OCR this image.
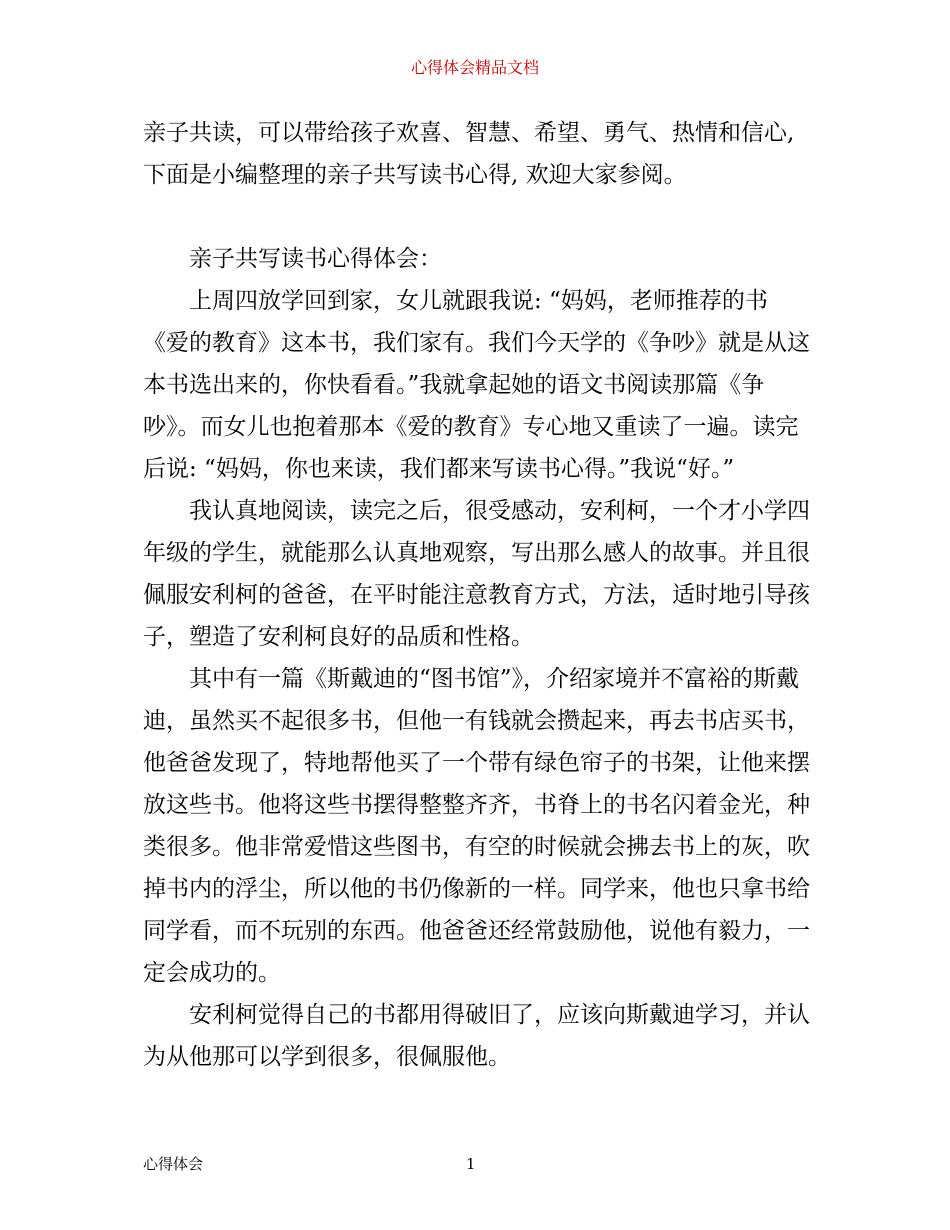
心得体会精品文档

亲子共读，可以带给孩子欢喜、智慧、希望、勇气、热情和信心, 下面是小编整理的亲子共写读书心得, 欢迎大家参阅。

亲子共写读书心得体会：

上周四放学回到家，女儿就跟我说: “妈妈，老师推荐的书《爱的教育》这本书，我们家有。我们今天学的《争吵》就是从这本书选出来的，你快看看。”我就拿起她的语文书阅读那篇《争吵》。而女儿也抱着那本《爱的教育》专心地又重读了一遍。读完后说: “妈妈，你也来读，我们都来写读书心得。”我说“好。”

我认真地阅读，读完之后，很受感动，安利柯，一个才小学四年级的学生，就能那么认真地观察，写出那么感人的故事。并且很佩服安利柯的爸爸，在平时能注意教育方式，方法，适时地引导孩子，塑造了安利柯良好的品质和性格。

其中有一篇《斯戴迪的“图书馆”》，介绍家境并不富裕的斯戴迪，虽然买不起很多书，但他一有钱就会攒起来，再去书店买书，他爸爸发现了，特地帮他买了一个带有绿色帘子的书架，让他来摆放这些书。他将这些书摆得整整齐齐，书脊上的书名闪着金光，种类很多。他非常爱惜这些图书，有空的时候就会拂去书上的灰，吹掉书内的浮尘，所以他的书仍像新的一样。同学来，他也只拿书给同学看，而不玩别的东西。他爸爸还经常鼓励他，说他有毅力，一定会成功的。

安利柯觉得自己的书都用得破旧了，应该向斯戴迪学习，并认为从他那可以学到很多，很佩服他。

心得体会	1
